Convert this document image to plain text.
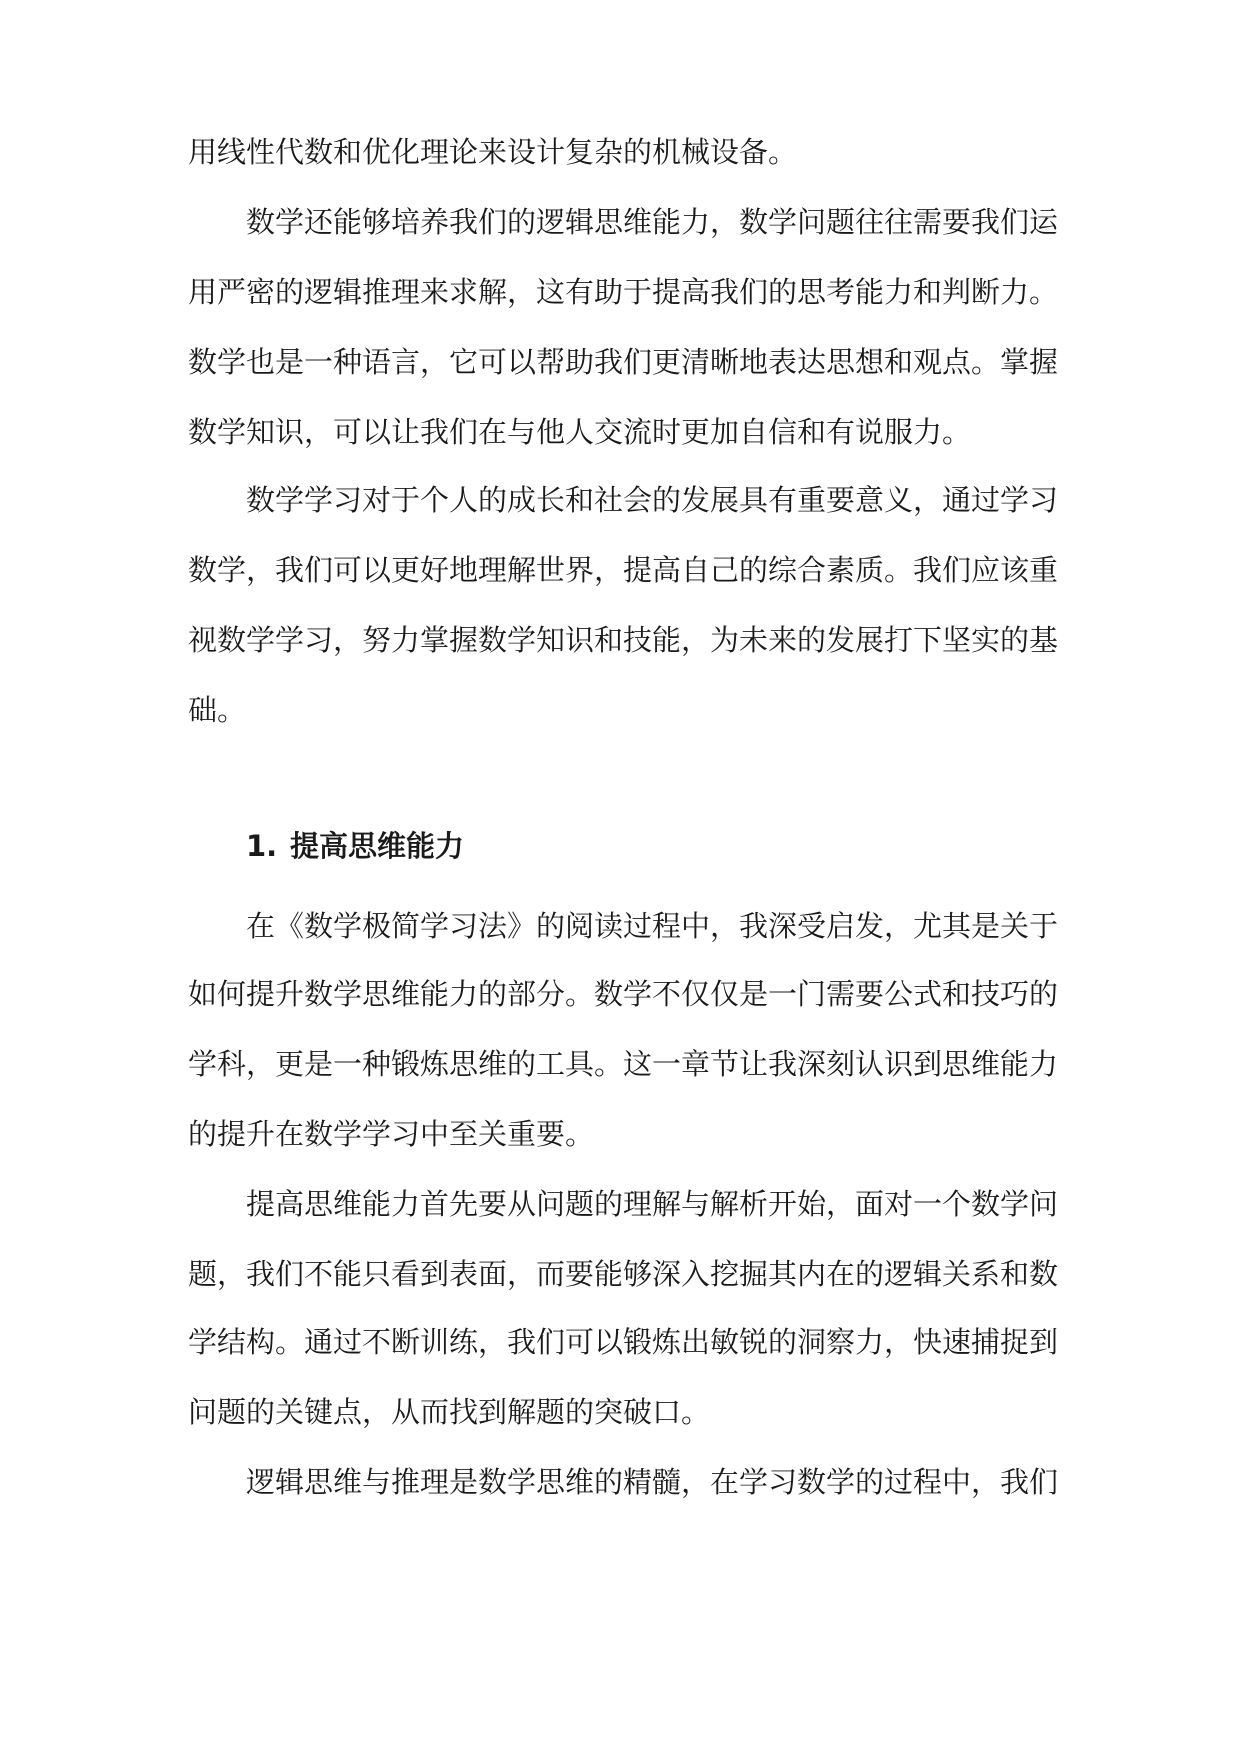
用线性代数和优化理论来设计复杂的机械设备。
数学还能够培养我们的逻辑思维能力，数学问题往往需要我们运
用严密的逻辑推理来求解，这有助于提高我们的思考能力和判断力。
数学也是一种语言，它可以帮助我们更清晰地表达思想和观点。掌握
数学知识，可以让我们在与他人交流时更加自信和有说服力。
数学学习对于个人的成长和社会的发展具有重要意义，通过学习
数学，我们可以更好地理解世界，提高自己的综合素质。我们应该重
视数学学习，努力掌握数学知识和技能，为未来的发展打下坚实的基
础。
1. 提高思维能力
在《数学极简学习法》的阅读过程中，我深受启发，尤其是关于
如何提升数学思维能力的部分。数学不仅仅是一门需要公式和技巧的
学科，更是一种锻炼思维的工具。这一章节让我深刻认识到思维能力
的提升在数学学习中至关重要。
提高思维能力首先要从问题的理解与解析开始，面对一个数学问
题，我们不能只看到表面，而要能够深入挖掘其内在的逻辑关系和数
学结构。通过不断训练，我们可以锻炼出敏锐的洞察力，快速捕捉到
问题的关键点，从而找到解题的突破口。
逻辑思维与推理是数学思维的精髓，在学习数学的过程中，我们
